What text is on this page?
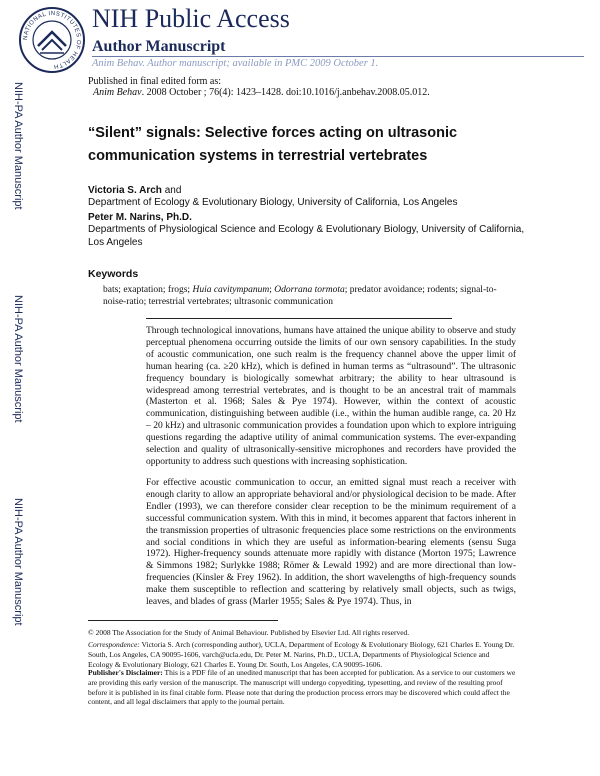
NATIONAL INSTITUTES OF HEALTH
NIH Public Access
Author Manuscript
Anim Behav. Author manuscript; available in PMC 2009 October 1.
NIH-PA Author Manuscript
NIH-PA Author Manuscript
NIH-PA Author Manuscript
Published in final edited form as:
Anim Behav. 2008 October ; 76(4): 1423–1428. doi:10.1016/j.anbehav.2008.05.012.
“Silent” signals: Selective forces acting on ultrasonic communication systems in terrestrial vertebrates
Victoria S. Arch and
Department of Ecology & Evolutionary Biology, University of California, Los Angeles
Peter M. Narins, Ph.D.
Departments of Physiological Science and Ecology & Evolutionary Biology, University of California, Los Angeles
Keywords
bats; exaptation; frogs; Huia cavitympanum; Odorrana tormota; predator avoidance; rodents; signal-to-noise-ratio; terrestrial vertebrates; ultrasonic communication
Through technological innovations, humans have attained the unique ability to observe and study perceptual phenomena occurring outside the limits of our own sensory capabilities. In the study of acoustic communication, one such realm is the frequency channel above the upper limit of human hearing (ca. ≥20 kHz), which is defined in human terms as “ultrasound”. The ultrasonic frequency boundary is biologically somewhat arbitrary; the ability to hear ultrasound is widespread among terrestrial vertebrates, and is thought to be an ancestral trait of mammals (Masterton et al. 1968; Sales & Pye 1974). However, within the context of acoustic communication, distinguishing between audible (i.e., within the human audible range, ca. 20 Hz – 20 kHz) and ultrasonic communication provides a foundation upon which to explore intriguing questions regarding the adaptive utility of animal communication systems. The ever-expanding selection and quality of ultrasonically-sensitive microphones and recorders have provided the opportunity to address such questions with increasing sophistication.
For effective acoustic communication to occur, an emitted signal must reach a receiver with enough clarity to allow an appropriate behavioral and/or physiological decision to be made. After Endler (1993), we can therefore consider clear reception to be the minimum requirement of a successful communication system. With this in mind, it becomes apparent that factors inherent in the transmission properties of ultrasonic frequencies place some restrictions on the environments and social conditions in which they are useful as information-bearing elements (sensu Suga 1972). Higher-frequency sounds attenuate more rapidly with distance (Morton 1975; Lawrence & Simmons 1982; Surlykke 1988; Römer & Lewald 1992) and are more directional than low-frequencies (Kinsler & Frey 1962). In addition, the short wavelengths of high-frequency sounds make them susceptible to reflection and scattering by relatively small objects, such as twigs, leaves, and blades of grass (Marler 1955; Sales & Pye 1974). Thus, in
© 2008 The Association for the Study of Animal Behaviour. Published by Elsevier Ltd. All rights reserved.
Correspondence: Victoria S. Arch (corresponding author), UCLA, Department of Ecology & Evolutionary Biology, 621 Charles E. Young Dr. South, Los Angeles, CA 90095-1606, varch@ucla.edu, Dr. Peter M. Narins, Ph.D., UCLA, Departments of Physiological Science and Ecology & Evolutionary Biology, 621 Charles E. Young Dr. South, Los Angeles, CA 90095-1606.
Publisher's Disclaimer: This is a PDF file of an unedited manuscript that has been accepted for publication. As a service to our customers we are providing this early version of the manuscript. The manuscript will undergo copyediting, typesetting, and review of the resulting proof before it is published in its final citable form. Please note that during the production process errors may be discovered which could affect the content, and all legal disclaimers that apply to the journal pertain.
